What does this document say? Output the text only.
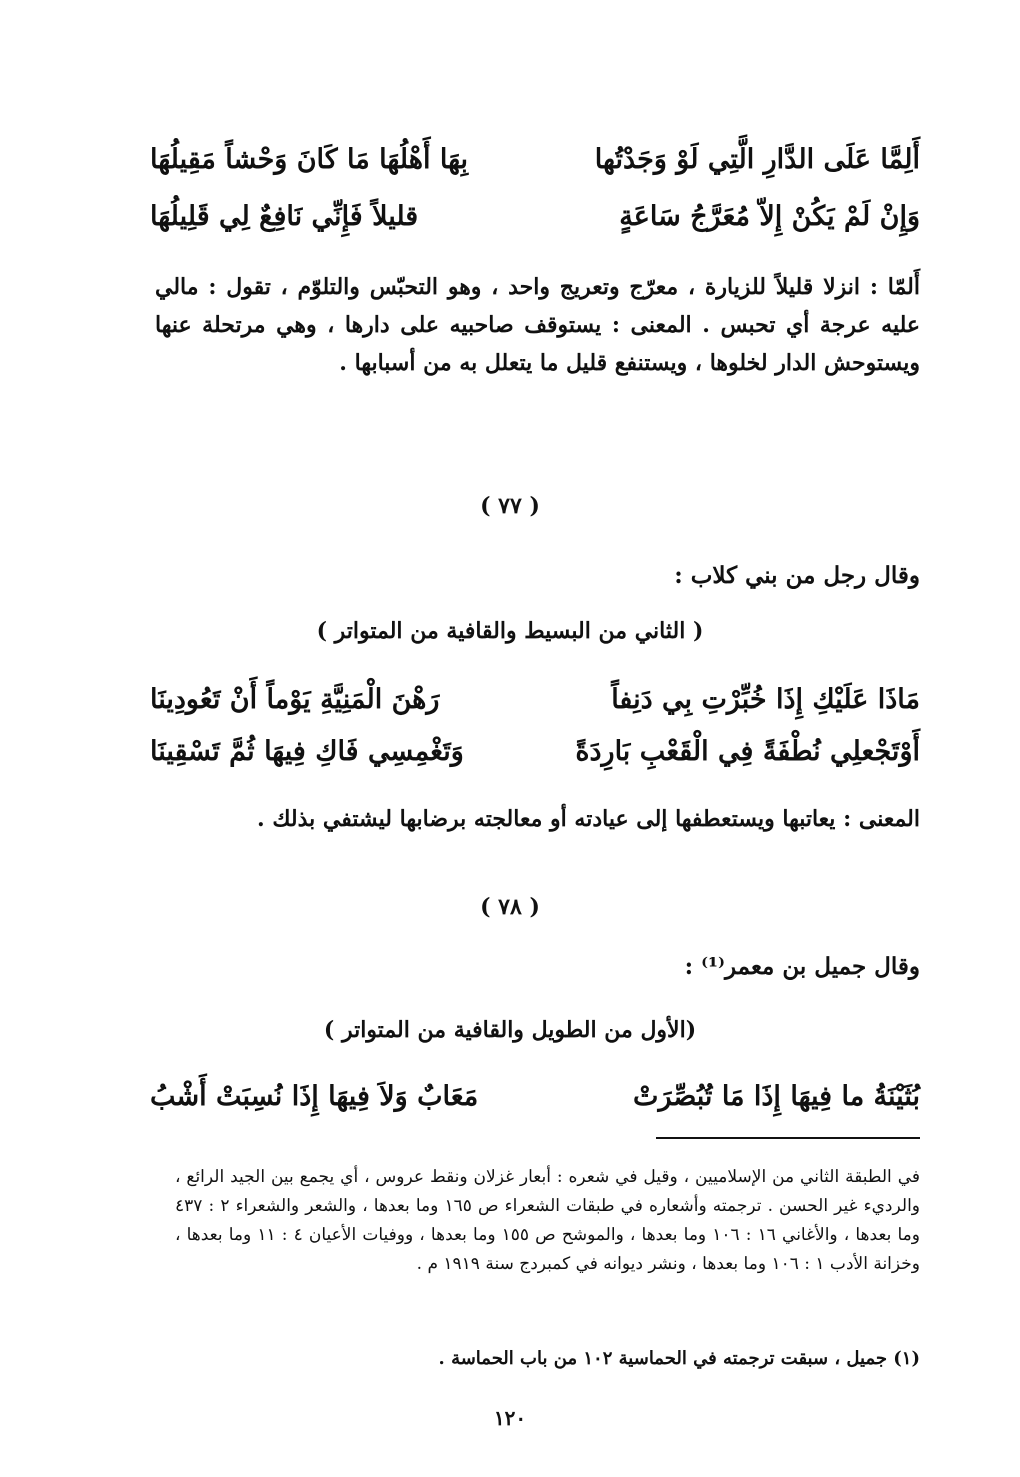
أَلِمَّا عَلَى الدَّارِ الَّتِي لَوْ وَجَدْتُها
بِهَا أَهْلُهَا مَا كَانَ وَحْشاً مَقِيلُهَا
وَإِنْ لَمْ يَكُنْ إِلاّ مُعَرَّجُ سَاعَةٍ
قليلاً فَإِنِّي نَافِعٌ لِي قَلِيلُهَا
أَلمّا : انزلا قليلاً للزيارة ، معرّج وتعريج واحد ، وهو التحبّس والتلوّم ، تقول : مالي عليه عرجة أي تحبس . المعنى : يستوقف صاحبيه على دارها ، وهي مرتحلة عنها ويستوحش الدار لخلوها ، ويستنفع قليل ما يتعلل به من أسبابها .
( ٧٧ )
وقال رجل من بني كلاب :
( الثاني من البسيط والقافية من المتواتر )
مَاذَا عَلَيْكِ إِذَا خُبِّرْتِ بِي دَنِفاً
رَهْنَ الْمَنِيَّةِ يَوْماً أَنْ تَعُودِينَا
أَوْتَجْعلِي نُطْفَةً فِي الْقَعْبِ بَارِدَةً
وَتَغْمِسِي فَاكِ فِيهَا ثُمَّ تَسْقِينَا
المعنى : يعاتبها ويستعطفها إلى عيادته أو معالجته برضابها ليشتفي بذلك .
( ٧٨ )
وقال جميل بن معمر⁽¹⁾ :
(الأول من الطويل والقافية من المتواتر )
بُثَيْنَةُ ما فِيهَا إِذَا مَا تُبُصِّرَتْ
مَعَابٌ وَلاَ فِيهَا إِذَا نُسِبَتْ أَشْبُ
في الطبقة الثاني من الإسلاميين ، وقيل في شعره : أبعار غزلان ونقط عروس ، أي يجمع بين الجيد الرائع ، والرديء غير الحسن . ترجمته وأشعاره في طبقات الشعراء ص ١٦٥ وما بعدها ، والشعر والشعراء ٢ : ٤٣٧ وما بعدها ، والأغاني ١٦ : ١٠٦ وما بعدها ، والموشح ص ١٥٥ وما بعدها ، ووفيات الأعيان ٤ : ١١ وما بعدها ، وخزانة الأدب ١ : ١٠٦ وما بعدها ، ونشر ديوانه في كمبردج سنة ١٩١٩ م .
(١) جميل ، سبقت ترجمته في الحماسية ١٠٢ من باب الحماسة .
١٢٠
